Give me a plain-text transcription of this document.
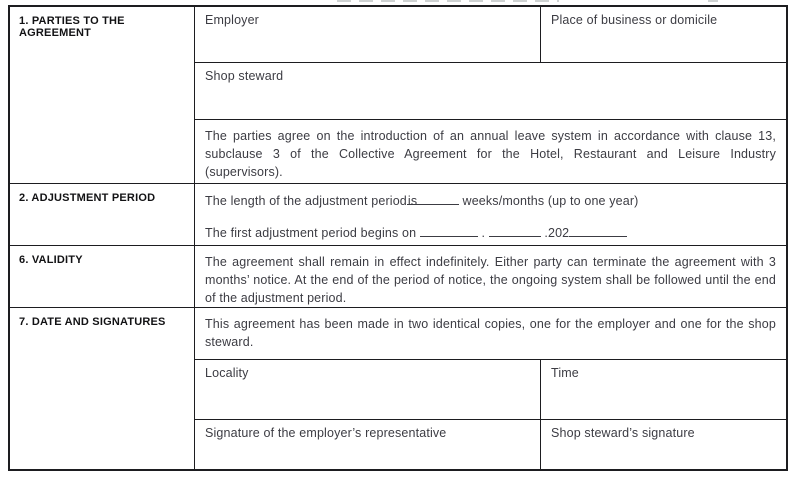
1. PARTIES TO THE AGREEMENT
Employer	Place of business or domicile
Shop steward
The parties agree on the introduction of an annual leave system in accordance with clause 13, subclause 3 of the Collective Agreement for the Hotel, Restaurant and Leisure Industry (supervisors).
2. ADJUSTMENT PERIOD	The length of the adjustment periodis	weeks/months (up to one year)
The first adjustment period begins on	.	.202
6. VALIDITY	The agreement shall remain in effect indefinitely. Either party can terminate the agreement with 3 months’ notice. At the end of the period of notice, the ongoing system shall be followed until the end of the adjustment period.
7. DATE AND SIGNATURES	This agreement has been made in two identical copies, one for the employer and one for the shop steward.
Locality	Time
Signature of the employer’s representative	Shop steward’s signature
